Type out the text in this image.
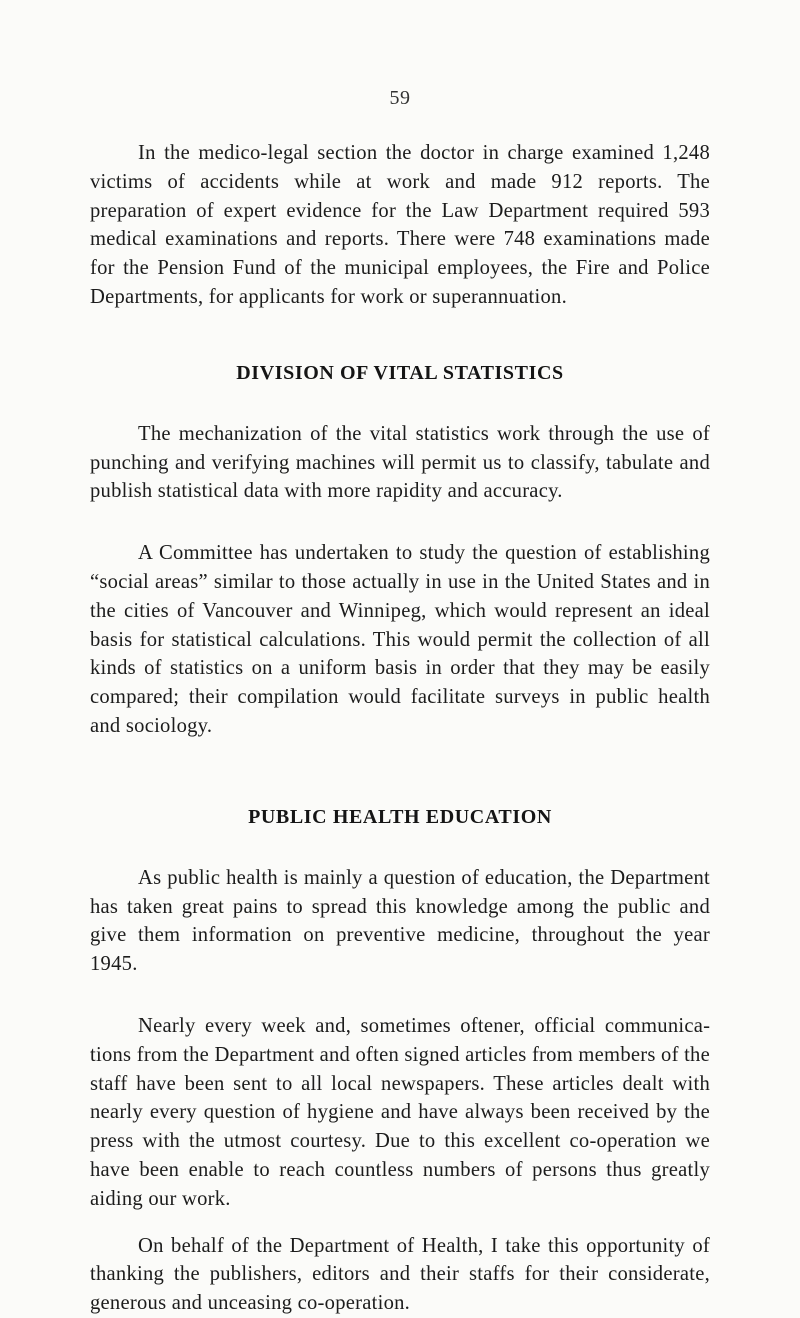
59

In the medico-legal section the doctor in charge examined 1,248 victims of accidents while at work and made 912 reports. The preparation of expert evidence for the Law Department required 593 medical examinations and reports. There were 748 examinations made for the Pension Fund of the municipal employees, the Fire and Police Departments, for applicants for work or superannuation.

DIVISION OF VITAL STATISTICS

The mechanization of the vital statistics work through the use of punching and verifying machines will permit us to classify, tabulate and publish statistical data with more rapidity and accuracy.

A Committee has undertaken to study the question of establishing “social areas” similar to those actually in use in the United States and in the cities of Vancouver and Winnipeg, which would represent an ideal basis for statistical calculations. This would permit the collection of all kinds of statistics on a uniform basis in order that they may be easily compared; their compilation would facilitate surveys in public health and sociology.

PUBLIC HEALTH EDUCATION

As public health is mainly a question of education, the Department has taken great pains to spread this knowledge among the public and give them information on preventive medicine, throughout the year 1945.

Nearly every week and, sometimes oftener, official communications from the Department and often signed articles from members of the staff have been sent to all local newspapers. These articles dealt with nearly every question of hygiene and have always been received by the press with the utmost courtesy. Due to this excellent co-operation we have been enable to reach countless numbers of persons thus greatly aiding our work.

On behalf of the Department of Health, I take this opportunity of thanking the publishers, editors and their staffs for their considerate, generous and unceasing co-operation.
